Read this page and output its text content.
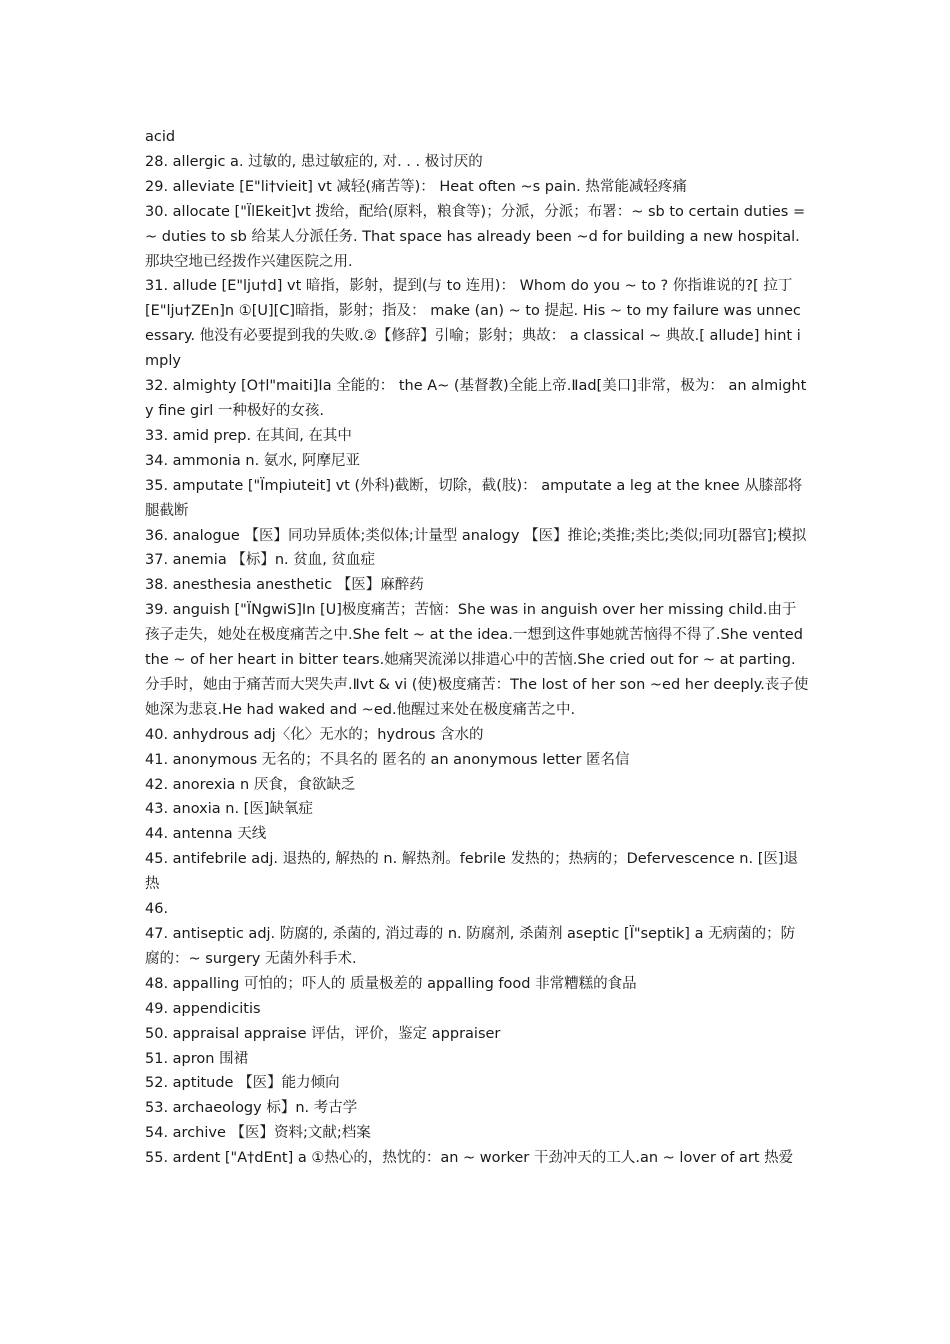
acid
28. allergic a. 过敏的, 患过敏症的, 对. . . 极讨厌的
29. alleviate [E"li†vieit] vt 减轻(痛苦等)： Heat often ~s pain. 热常能减轻疼痛
30. allocate ["ÏlEkeit]vt 拨给，配给(原料，粮食等)；分派，分派；布署：~ sb to certain duties = ~ duties to sb 给某人分派任务. That space has already been ~d for building a new hospital. 那块空地已经拨作兴建医院之用.
31. allude [E"lju†d] vt 暗指，影射，提到(与 to 连用)： Whom do you ~ to ? 你指谁说的?[ 拉丁[E"lju†ZEn]n ①[U][C]暗指，影射；指及： make (an) ~ to 提起. His ~ to my failure was unnecessary. 他没有必要提到我的失败.②【修辞】引喻；影射；典故： a classical ~ 典故.[ allude] hint imply
32. almighty [O†l"maiti]Ⅰa 全能的： the A~ (基督教)全能上帝.Ⅱad[美口]非常，极为： an almighty fine girl 一种极好的女孩.
33. amid prep. 在其间, 在其中
34. ammonia n. 氨水, 阿摩尼亚
35. amputate ["Ïmpiuteit] vt (外科)截断，切除，截(肢)： amputate a leg at the knee 从膝部将腿截断
36. analogue 【医】同功异质体;类似体;计量型 analogy 【医】推论;类推;类比;类似;同功[器官];模拟
37. anemia 【标】n. 贫血, 贫血症
38. anesthesia anesthetic 【医】麻醉药
39. anguish ["ÏNgwiS]Ⅰn [U]极度痛苦；苦恼：She was in anguish over her missing child.由于孩子走失，她处在极度痛苦之中.She felt ~ at the idea.一想到这件事她就苦恼得不得了.She vented the ~ of her heart in bitter tears.她痛哭流涕以排遣心中的苦恼.She cried out for ~ at parting.分手时，她由于痛苦而大哭失声.Ⅱvt & vi (使)极度痛苦：The lost of her son ~ed her deeply.丧子使她深为悲哀.He had waked and ~ed.他醒过来处在极度痛苦之中.
40. anhydrous adj〈化〉无水的；hydrous 含水的
41. anonymous 无名的；不具名的 匿名的 an anonymous letter 匿名信
42. anorexia n 厌食，食欲缺乏
43. anoxia n. [医]缺氧症
44. antenna 天线
45. antifebrile adj. 退热的, 解热的 n. 解热剂。febrile 发热的；热病的；Defervescence n. [医]退热
46.
47. antiseptic adj. 防腐的, 杀菌的, 消过毒的 n. 防腐剂, 杀菌剂 aseptic [Ï"septik] a 无病菌的；防腐的：~ surgery 无菌外科手术.
48. appalling 可怕的；吓人的 质量极差的 appalling food 非常糟糕的食品
49. appendicitis
50. appraisal appraise 评估，评价，鉴定 appraiser
51. apron 围裙
52. aptitude 【医】能力倾向
53. archaeology 标】n. 考古学
54. archive 【医】资料;文献;档案
55. ardent ["A†dEnt] a ①热心的，热忱的：an ~ worker 干劲冲天的工人.an ~ lover of art 热爱
